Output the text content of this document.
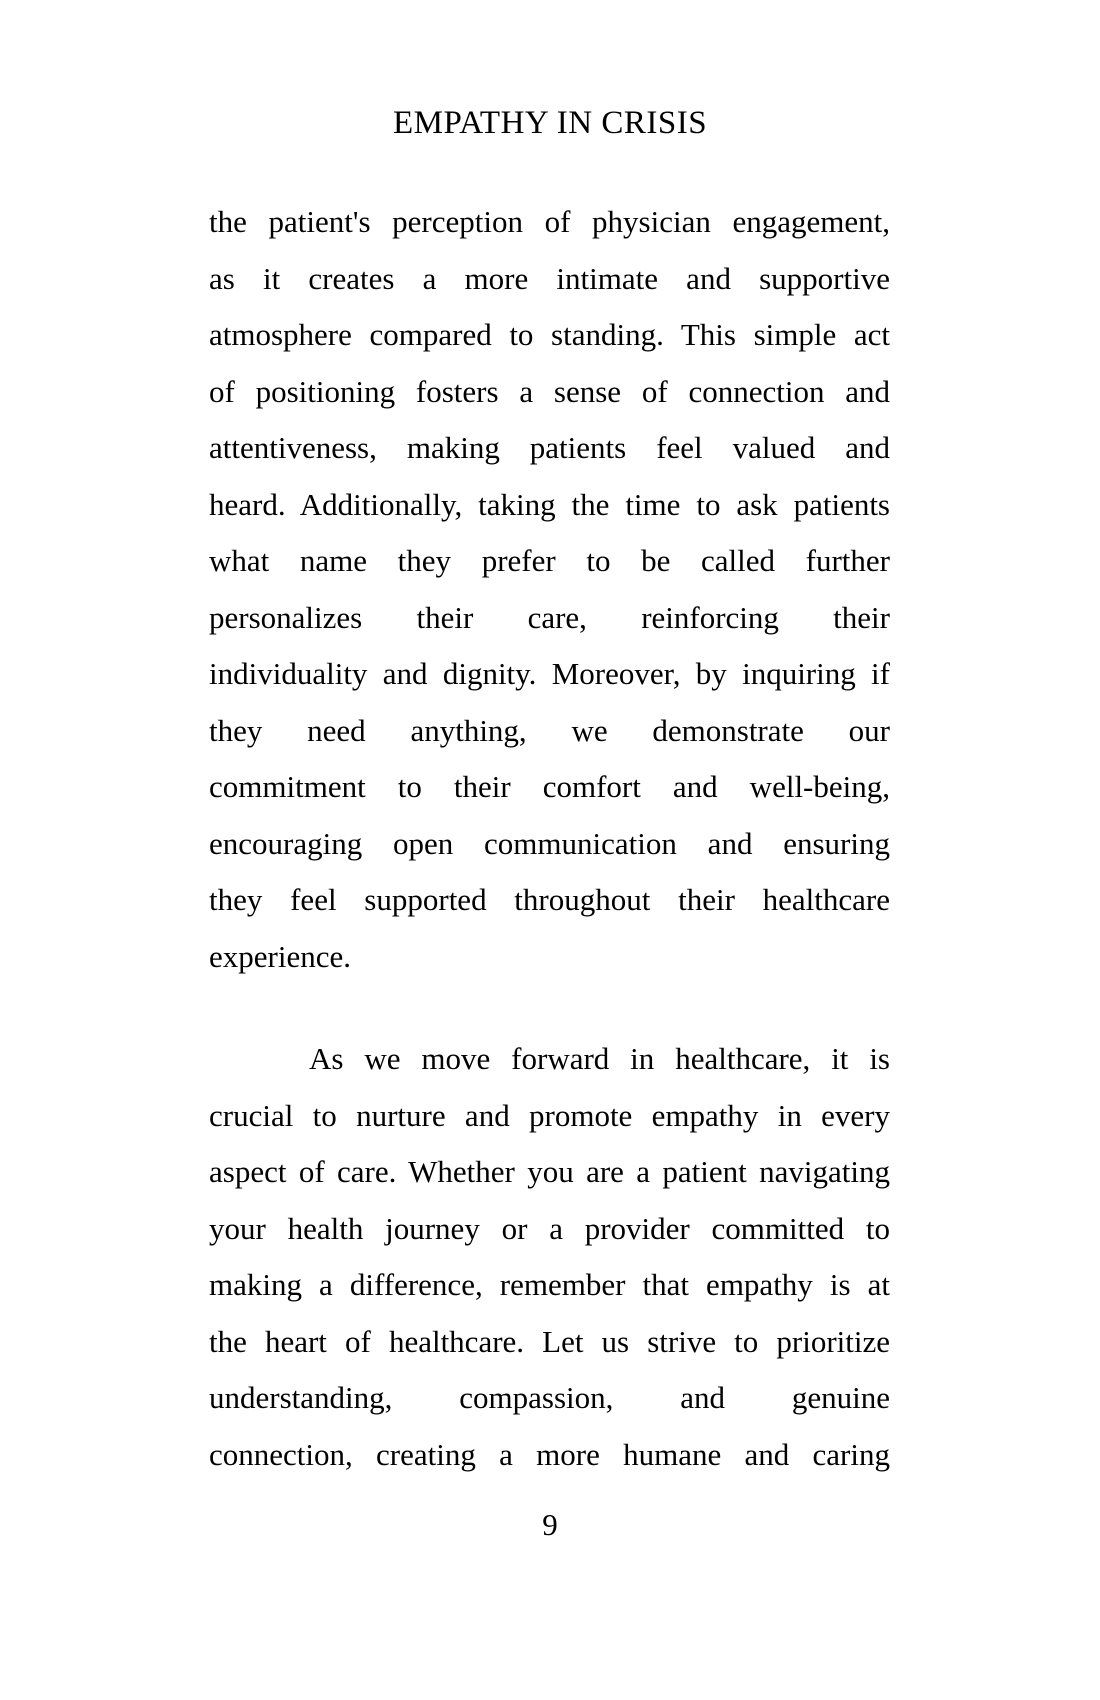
EMPATHY IN CRISIS
the patient's perception of physician engagement,
as it creates a more intimate and supportive
atmosphere compared to standing. This simple act
of positioning fosters a sense of connection and
attentiveness, making patients feel valued and
heard. Additionally, taking the time to ask patients
what name they prefer to be called further
personalizes their care, reinforcing their
individuality and dignity. Moreover, by inquiring if
they need anything, we demonstrate our
commitment to their comfort and well-being,
encouraging open communication and ensuring
they feel supported throughout their healthcare
experience.
As we move forward in healthcare, it is
crucial to nurture and promote empathy in every
aspect of care. Whether you are a patient navigating
your health journey or a provider committed to
making a difference, remember that empathy is at
the heart of healthcare. Let us strive to prioritize
understanding, compassion, and genuine
connection, creating a more humane and caring
9
